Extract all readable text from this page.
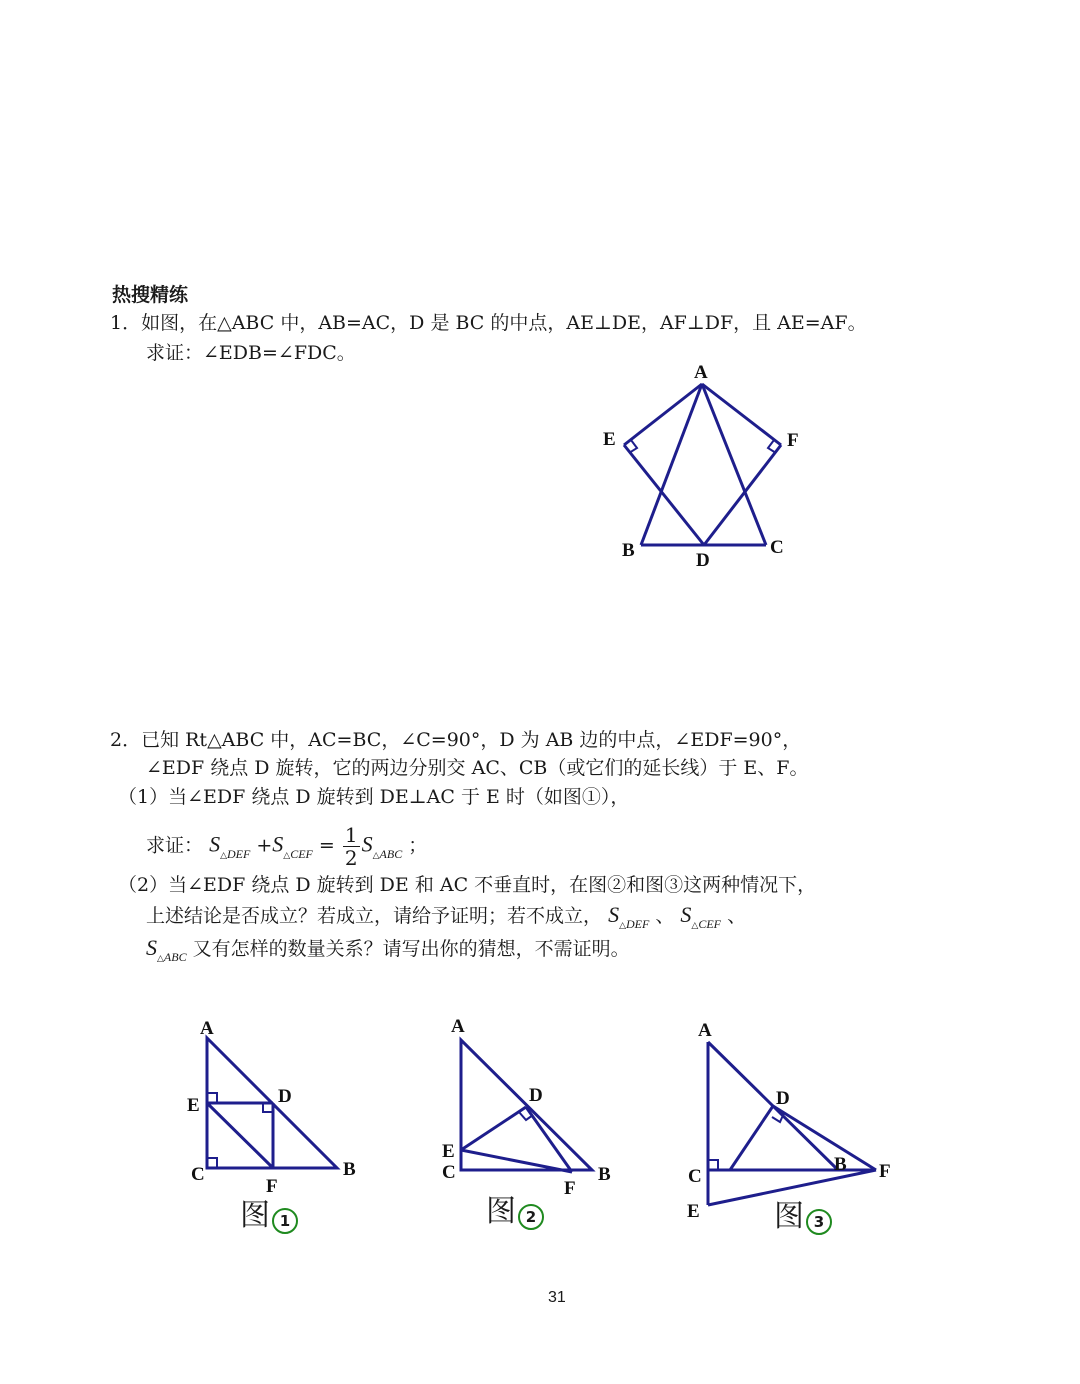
热搜精练
1．如图，在△ABC 中，AB=AC，D 是 BC 的中点，AE⊥DE，AF⊥DF，且 AE=AF。
求证：∠EDB=∠FDC。
A
E	F
B	C
D
2．已知 Rt△ABC 中，AC=BC，∠C=90°，D 为 AB 边的中点，∠EDF=90°，
∠EDF 绕点 D 旋转，它的两边分别交 AC、CB（或它们的延长线）于 E、F。
（1）当∠EDF 绕点 D 旋转到 DE⊥AC 于 E 时（如图①），
求证： $S_{\triangle DEF} +S_{\triangle CEF} = \frac{1}{2} S_{\triangle ABC}$ ；
（2）当∠EDF 绕点 D 旋转到 DE 和 AC 不垂直时，在图②和图③这两种情况下，
上述结论是否成立？若成立，请给予证明；若不成立， $S_{\triangle DEF}$ 、 $S_{\triangle CEF}$ 、
$S_{\triangle ABC}$ 又有怎样的数量关系？请写出你的猜想，不需证明。
A
E	D
C
F
B
A
D
E
C
F
B
A
D
C
B F
E
图 1	图 2	图 3
31
